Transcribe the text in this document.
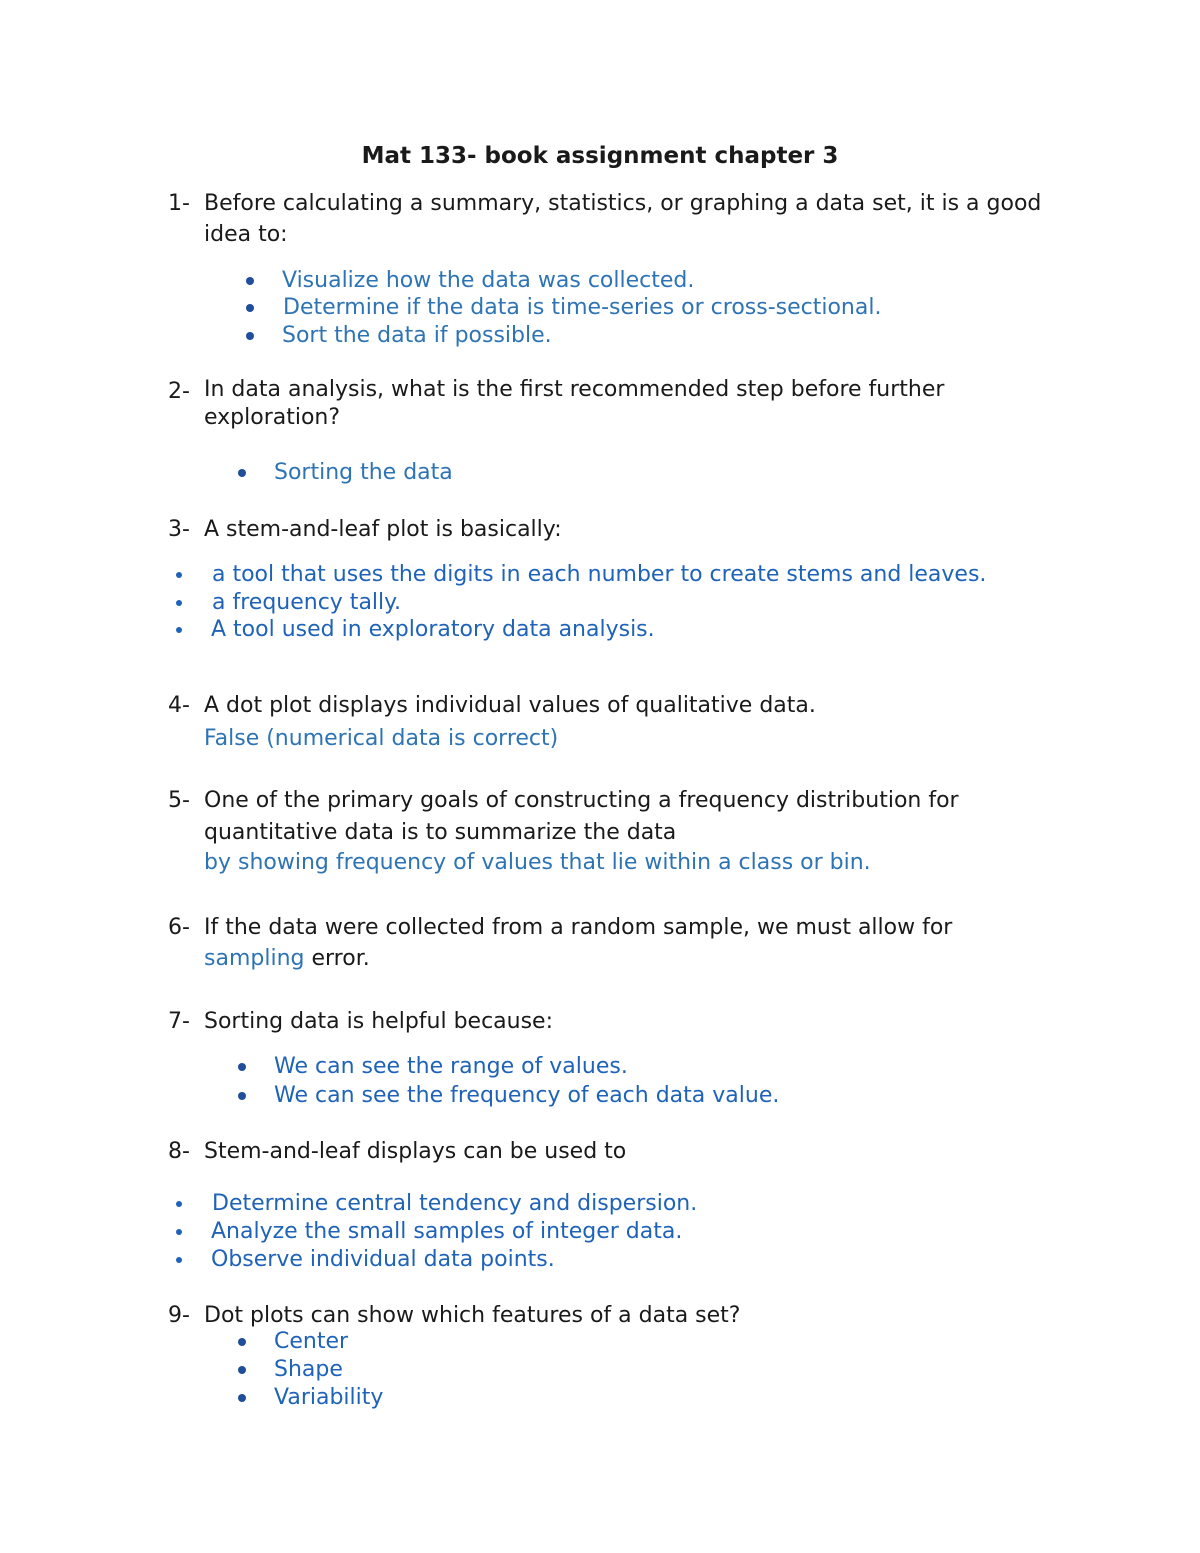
Mat 133- book assignment chapter 3
1- Before calculating a summary, statistics, or graphing a data set, it is a good idea to:
Visualize how the data was collected.
Determine if the data is time-series or cross-sectional.
Sort the data if possible.
2- In data analysis, what is the first recommended step before further exploration?
Sorting the data
3- A stem-and-leaf plot is basically:
a tool that uses the digits in each number to create stems and leaves.
a frequency tally.
A tool used in exploratory data analysis.
4- A dot plot displays individual values of qualitative data.
False (numerical data is correct)
5- One of the primary goals of constructing a frequency distribution for quantitative data is to summarize the data
by showing frequency of values that lie within a class or bin.
6- If the data were collected from a random sample, we must allow for
sampling error.
7- Sorting data is helpful because:
We can see the range of values.
We can see the frequency of each data value.
8- Stem-and-leaf displays can be used to
Determine central tendency and dispersion.
Analyze the small samples of integer data.
Observe individual data points.
9- Dot plots can show which features of a data set?
Center
Shape
Variability
